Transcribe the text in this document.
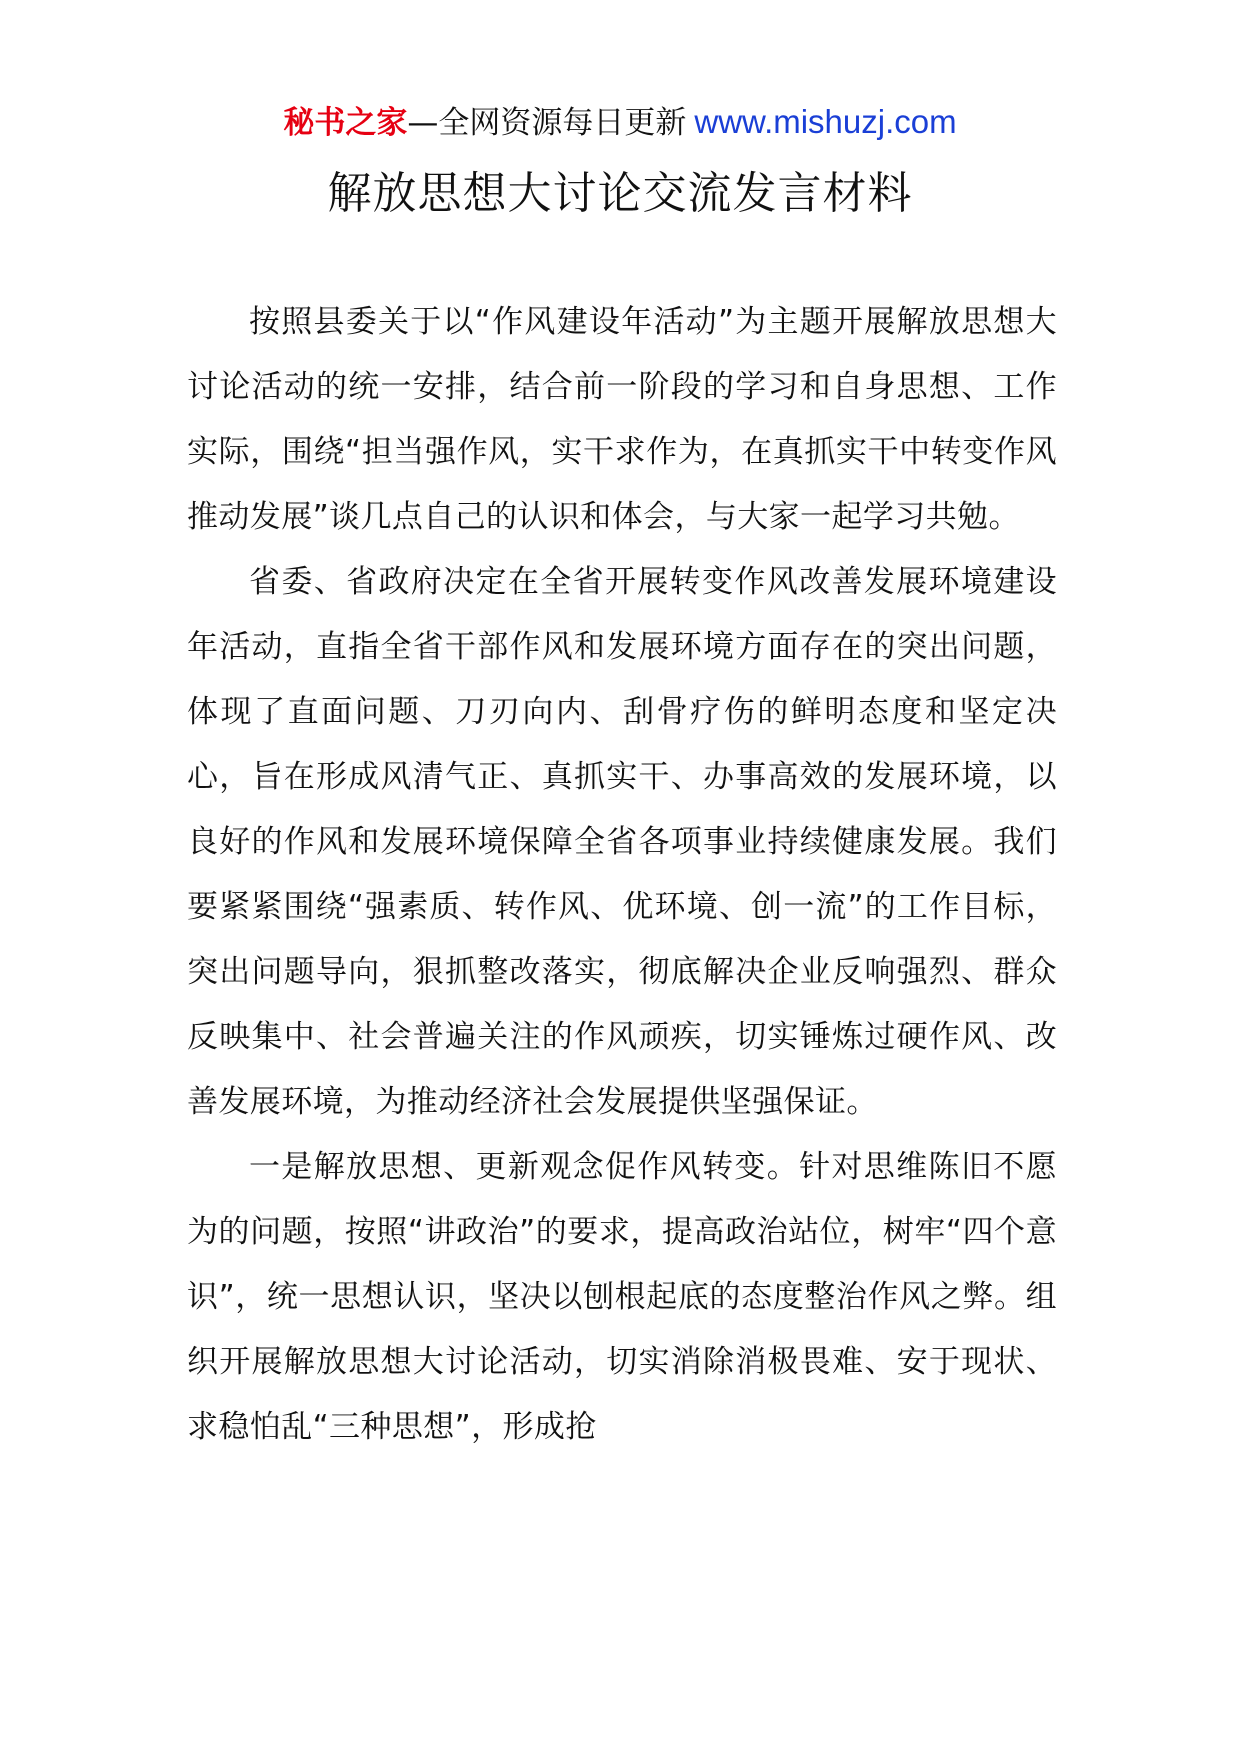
秘书之家—全网资源每日更新 www.mishuzj.com
解放思想大讨论交流发言材料

按照县委关于以“作风建设年活动”为主题开展解放思想大讨论活动的统一安排，结合前一阶段的学习和自身思想、工作实际，围绕“担当强作风，实干求作为，在真抓实干中转变作风推动发展”谈几点自己的认识和体会，与大家一起学习共勉。

省委、省政府决定在全省开展转变作风改善发展环境建设年活动，直指全省干部作风和发展环境方面存在的突出问题，体现了直面问题、刀刃向内、刮骨疗伤的鲜明态度和坚定决心，旨在形成风清气正、真抓实干、办事高效的发展环境，以良好的作风和发展环境保障全省各项事业持续健康发展。我们要紧紧围绕“强素质、转作风、优环境、创一流”的工作目标，突出问题导向，狠抓整改落实，彻底解决企业反响强烈、群众反映集中、社会普遍关注的作风顽疾，切实锤炼过硬作风、改善发展环境，为推动经济社会发展提供坚强保证。

一是解放思想、更新观念促作风转变。针对思维陈旧不愿为的问题，按照“讲政治”的要求，提高政治站位，树牢“四个意识”，统一思想认识，坚决以刨根起底的态度整治作风之弊。组织开展解放思想大讨论活动，切实消除消极畏难、安于现状、求稳怕乱“三种思想”，形成抢
